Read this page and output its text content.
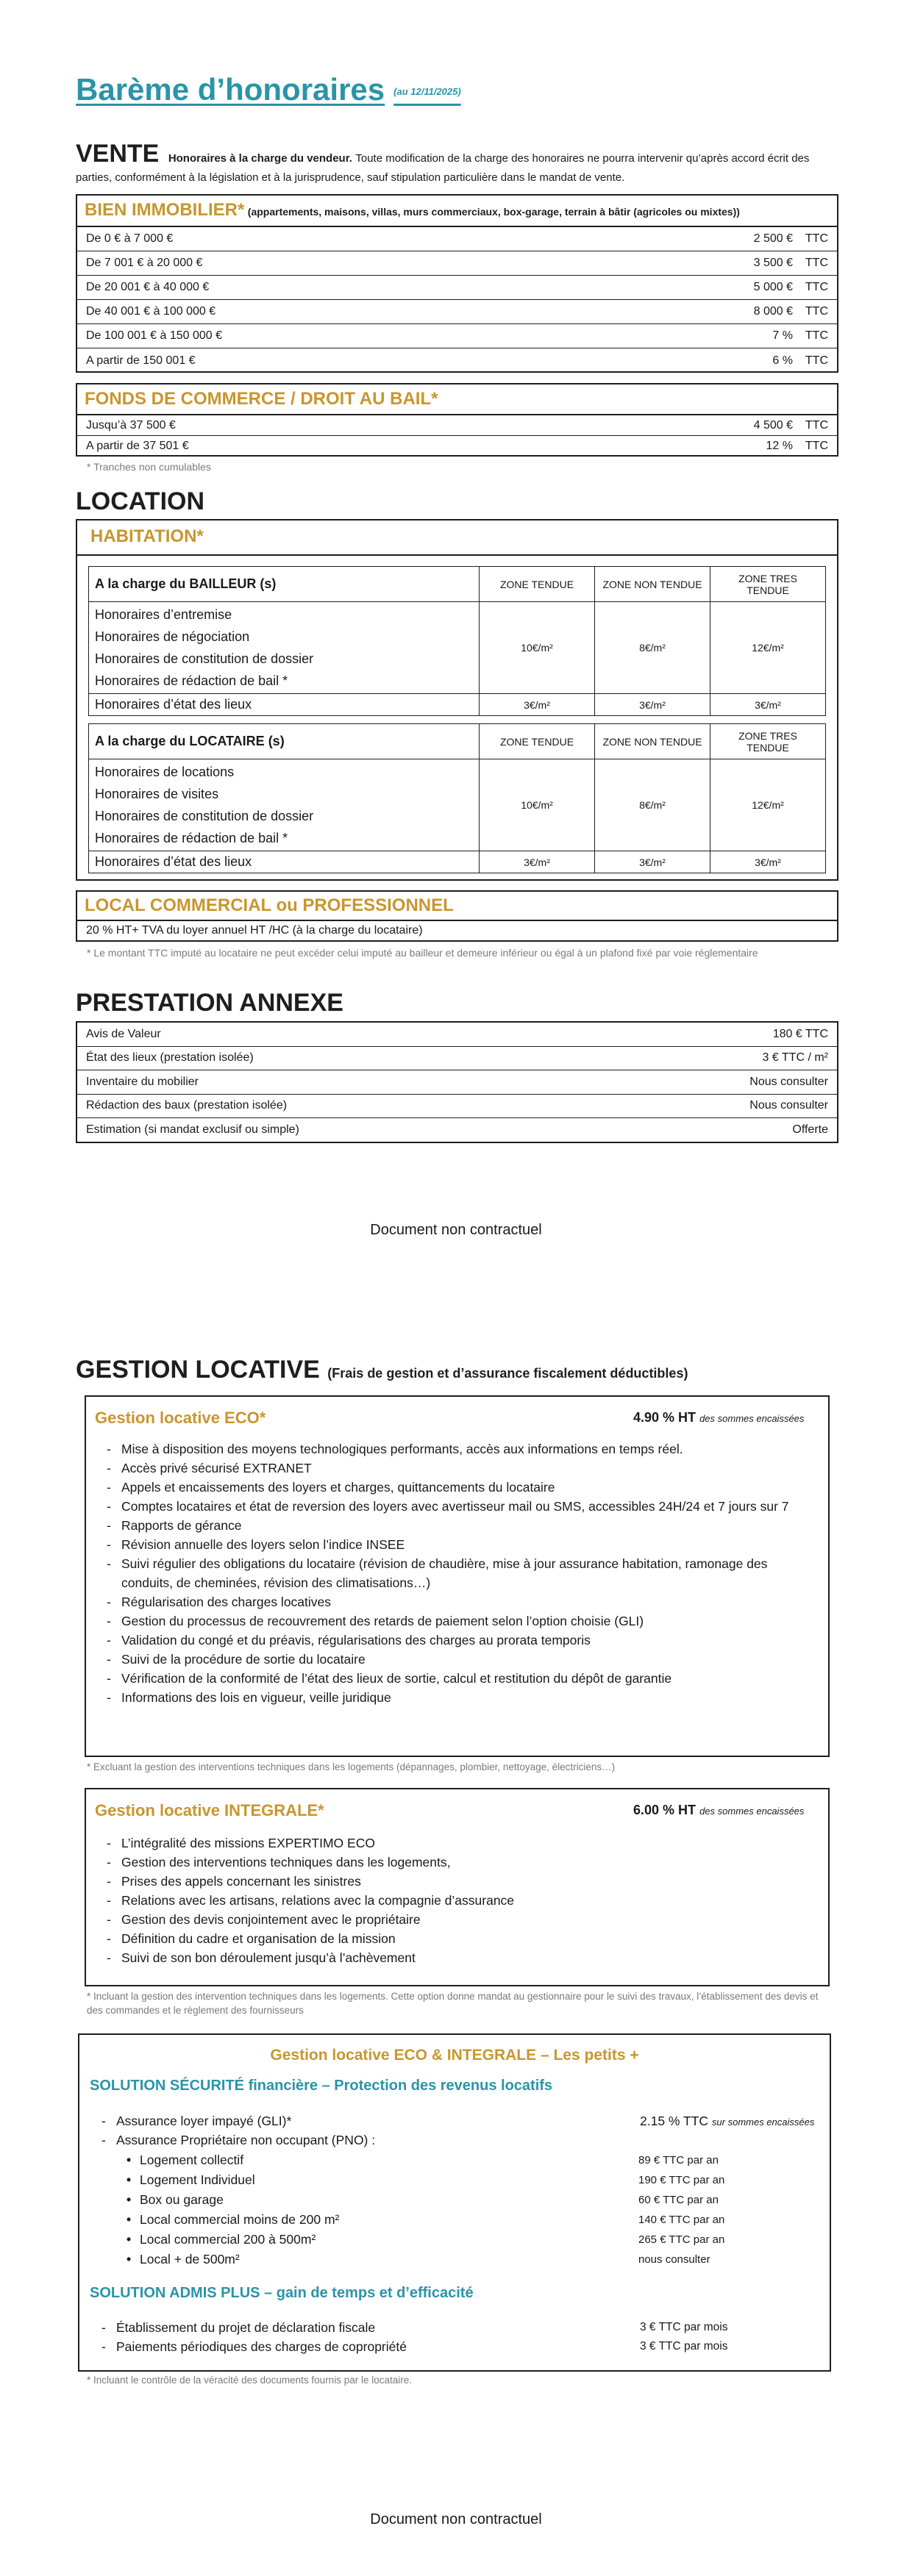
Barème d’honoraires (au 12/11/2025)
VENTE Honoraires à la charge du vendeur. Toute modification de la charge des honoraires ne pourra intervenir qu’après accord écrit des parties, conformément à la législation et à la jurisprudence, sauf stipulation particulière dans le mandat de vente.
BIEN IMMOBILIER* (appartements, maisons, villas, murs commerciaux, box-garage, terrain à bâtir (agricoles ou mixtes))
De 0 € à 7 000 €	2 500 €	TTC
De 7 001 € à 20 000 €	3 500 €	TTC
De 20 001 € à 40 000 €	5 000 €	TTC
De 40 001 € à 100 000 €	8 000 €	TTC
De 100 001 € à 150 000 €	7 %	TTC
A partir de 150 001 €	6 %	TTC
FONDS DE COMMERCE / DROIT AU BAIL*
Jusqu’à 37 500 €	4 500 €	TTC
A partir de 37 501 €	12 %	TTC
* Tranches non cumulables
LOCATION
HABITATION*
A la charge du BAILLEUR (s)	ZONE TENDUE	ZONE NON TENDUE	ZONE TRES TENDUE

Honoraires d’entremise
Honoraires de négociation
Honoraires de constitution de dossier
Honoraires de rédaction de bail *	10€/m²	8€/m²	12€/m²
Honoraires d’état des lieux	3€/m²	3€/m²	3€/m²
A la charge du LOCATAIRE (s)	ZONE TENDUE	ZONE NON TENDUE	ZONE TRES TENDUE

Honoraires de locations
Honoraires de visites
Honoraires de constitution de dossier
Honoraires de rédaction de bail *	10€/m²	8€/m²	12€/m²
Honoraires d’état des lieux	3€/m²	3€/m²	3€/m²
LOCAL COMMERCIAL ou PROFESSIONNEL
20 % HT+ TVA du loyer annuel HT /HC (à la charge du locataire)
* Le montant TTC imputé au locataire ne peut excéder celui imputé au bailleur et demeure inférieur ou égal à un plafond fixé par voie réglementaire
PRESTATION ANNEXE
Avis de Valeur	180 € TTC
État des lieux (prestation isolée)	3 € TTC / m²
Inventaire du mobilier	Nous consulter
Rédaction des baux (prestation isolée)	Nous consulter
Estimation (si mandat exclusif ou simple)	Offerte
Document non contractuel
GESTION LOCATIVE (Frais de gestion et d’assurance fiscalement déductibles)
Gestion locative ECO*	4.90 % HT des sommes encaissées
- Mise à disposition des moyens technologiques performants, accès aux informations en temps réel.
- Accès privé sécurisé EXTRANET
- Appels et encaissements des loyers et charges, quittancements du locataire
- Comptes locataires et état de reversion des loyers avec avertisseur mail ou SMS, accessibles 24H/24 et 7 jours sur 7
- Rapports de gérance
- Révision annuelle des loyers selon l’indice INSEE
- Suivi régulier des obligations du locataire (révision de chaudière, mise à jour assurance habitation, ramonage des conduits, de cheminées, révision des climatisations…)
- Régularisation des charges locatives
- Gestion du processus de recouvrement des retards de paiement selon l’option choisie (GLI)
- Validation du congé et du préavis, régularisations des charges au prorata temporis
- Suivi de la procédure de sortie du locataire
- Vérification de la conformité de l’état des lieux de sortie, calcul et restitution du dépôt de garantie
- Informations des lois en vigueur, veille juridique
* Excluant la gestion des interventions techniques dans les logements (dépannages, plombier, nettoyage, électriciens…)
Gestion locative INTEGRALE*	6.00 % HT des sommes encaissées
- L’intégralité des missions EXPERTIMO ECO
- Gestion des interventions techniques dans les logements,
- Prises des appels concernant les sinistres
- Relations avec les artisans, relations avec la compagnie d’assurance
- Gestion des devis conjointement avec le propriétaire
- Définition du cadre et organisation de la mission
- Suivi de son bon déroulement jusqu’à l’achèvement
* Incluant la gestion des intervention techniques dans les logements. Cette option donne mandat au gestionnaire pour le suivi des travaux, l’établissement des devis et des commandes et le règlement des fournisseurs
Gestion locative ECO & INTEGRALE – Les petits +
SOLUTION SÉCURITÉ financière – Protection des revenus locatifs
- Assurance loyer impayé (GLI)*	2.15 % TTC sur sommes encaissées
- Assurance Propriétaire non occupant (PNO) :
• Logement collectif	89 € TTC par an
• Logement Individuel	190 € TTC par an
• Box ou garage	60 € TTC par an
• Local commercial moins de 200 m²	140 € TTC par an
• Local commercial 200 à 500m²	265 € TTC par an
• Local + de 500m²	nous consulter
SOLUTION ADMIS PLUS – gain de temps et d’efficacité
- Établissement du projet de déclaration fiscale	3 € TTC par mois
- Paiements périodiques des charges de copropriété	3 € TTC par mois
* Incluant le contrôle de la véracité des documents fournis par le locataire.
Document non contractuel
